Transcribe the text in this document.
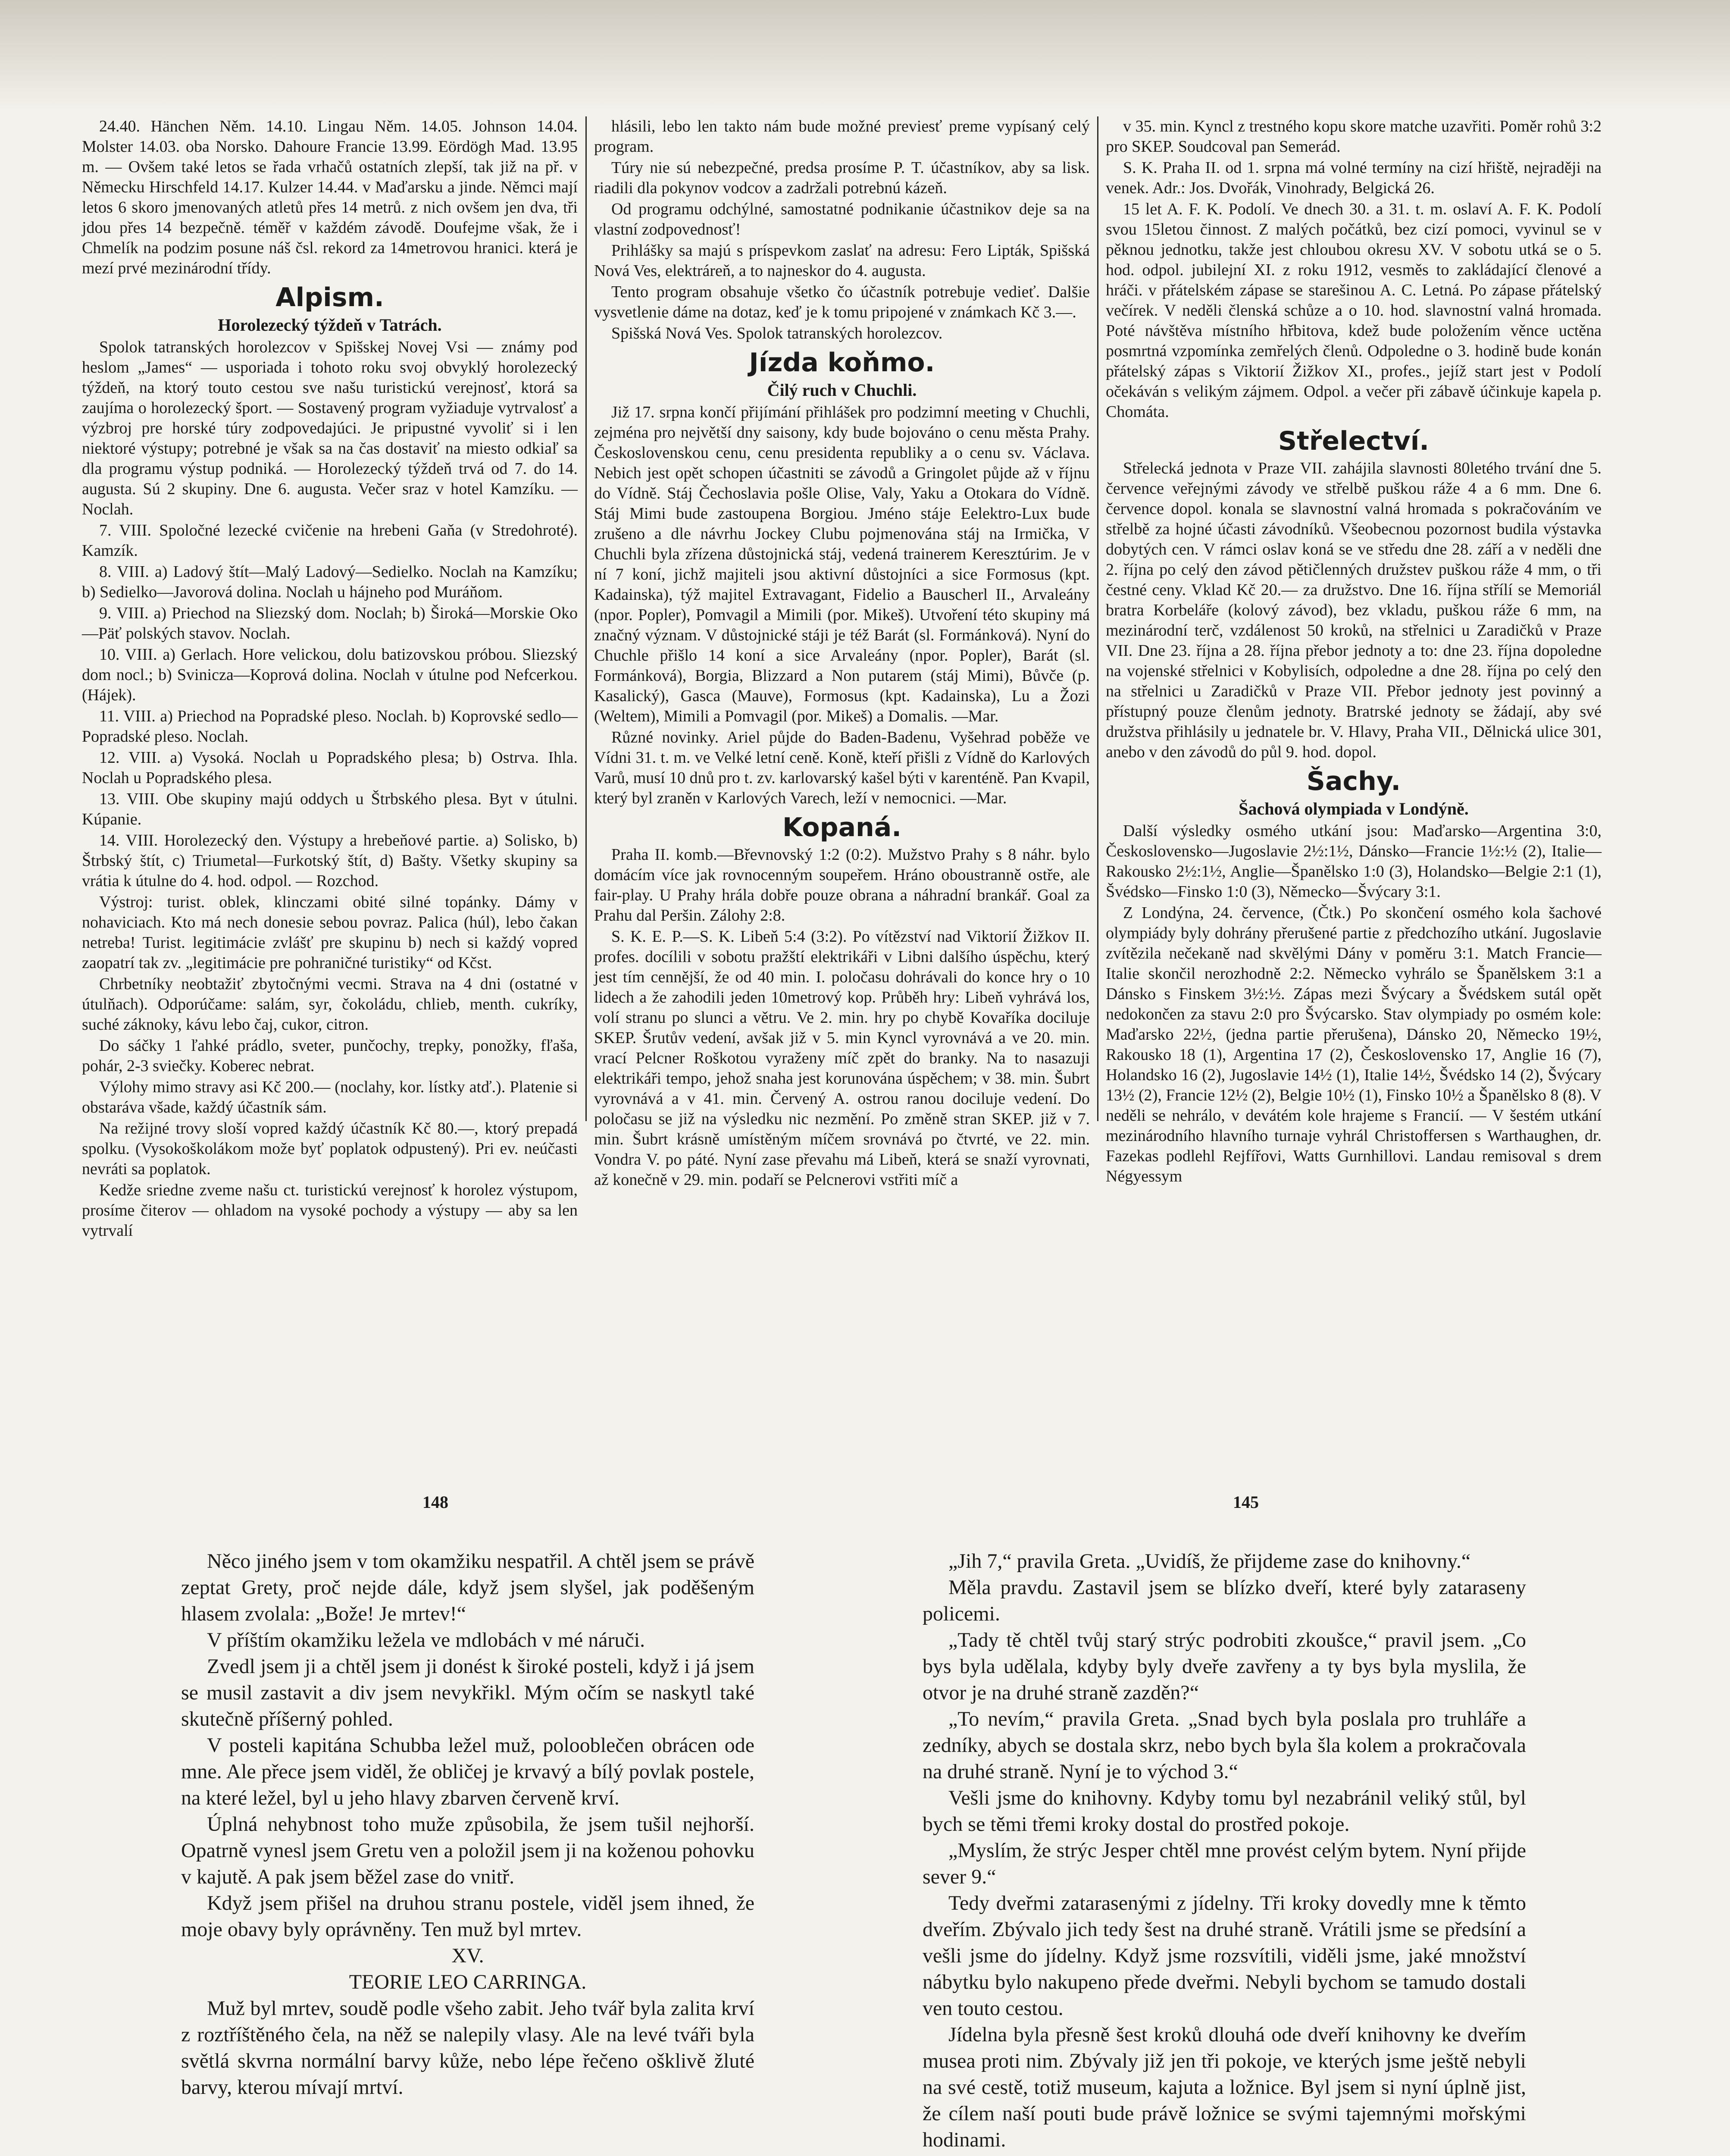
24.40. Hänchen Něm. 14.10. Lingau Něm. 14.05. Johnson 14.04. Molster 14.03. oba Norsko. Dahoure Francie 13.99. Eördögh Mad. 13.95 m. — Ovšem také letos se řada vrhačů ostatních zlepší, tak již na př. v Německu Hirschfeld 14.17. Kulzer 14.44. v Maďarsku a jinde. Němci mají letos 6 skoro jmenovaných atletů přes 14 metrů. z nich ovšem jen dva, tři jdou přes 14 bezpečně. téměř v každém závodě. Doufejme však, že i Chmelík na podzim posune náš čsl. rekord za 14metrovou hranici. která je mezí prvé mezinárodní třídy.

Alpism.
Horolezecký týždeň v Tatrách.

Spolok tatranských horolezcov v Spišskej Novej Vsi — známy pod heslom „James“ — usporiada i tohoto roku svoj obvyklý horolezecký týždeň, na ktorý touto cestou sve našu turistickú verejnosť, ktorá sa zaujíma o horolezecký šport. — Sostavený program vyžiaduje vytrvalosť a výzbroj pre horské túry zodpovedajúci. Je pripustné vyvoliť si i len niektoré výstupy; potrebné je však sa na čas dostaviť na miesto odkiaľ sa dla programu výstup podniká. — Horolezecký týždeň trvá od 7. do 14. augusta. Sú 2 skupiny. Dne 6. augusta. Večer sraz v hotel Kamzíku. — Noclah.

7. VIII. Spoločné lezecké cvičenie na hrebeni Gaňa (v Stredohroté). Kamzík.

8. VIII. a) Ladový štít—Malý Ladový—Sedielko. Noclah na Kamzíku; b) Sedielko—Javorová dolina. Noclah u hájneho pod Muráňom.

9. VIII. a) Priechod na Sliezský dom. Noclah; b) Široká—Morskie Oko—Päť polských stavov. Noclah.

10. VIII. a) Gerlach. Hore velickou, dolu batizovskou próbou. Sliezský dom nocl.; b) Svinicza—Koprová dolina. Noclah v útulne pod Nefcerkou. (Hájek).

11. VIII. a) Priechod na Popradské pleso. Noclah. b) Koprovské sedlo—Popradské pleso. Noclah.

12. VIII. a) Vysoká. Noclah u Popradského plesa; b) Ostrva. Ihla. Noclah u Popradského plesa.

13. VIII. Obe skupiny majú oddych u Štrbského plesa. Byt v útulni. Kúpanie.

14. VIII. Horolezecký den. Výstupy a hrebeňové partie. a) Solisko, b) Štrbský štít, c) Triumetal—Furkotský štít, d) Bašty. Všetky skupiny sa vrátia k útulne do 4. hod. odpol. — Rozchod.

Výstroj: turist. oblek, klinczami obité silné topánky. Dámy v nohaviciach. Kto má nech donesie sebou povraz. Palica (húl), lebo čakan netreba! Turist. legitimácie zvlášť pre skupinu b) nech si každý vopred zaopatrí tak zv. „legitimácie pre pohraničné turistiky“ od Kčst.

Chrbetníky neobtažiť zbytočnými vecmi. Strava na 4 dni (ostatné v útulňach). Odporúčame: salám, syr, čokoládu, chlieb, menth. cukríky, suché záknoky, kávu lebo čaj, cukor, citron.

Do sáčky 1 ľahké prádlo, sveter, punčochy, trepky, ponožky, fľaša, pohár, 2-3 sviečky. Koberec nebrat.

Výlohy mimo stravy asi Kč 200.— (noclahy, kor. lístky atď.). Platenie si obstaráva všade, každý účastník sám.

Na režijné trovy sloší vopred každý účastník Kč 80.—, ktorý prepadá spolku. (Vysokoškolákom može byť poplatok odpustený). Pri ev. neúčasti nevráti sa poplatok.

Kedže sriedne zveme našu ct. turistickú verejnosť k horolez výstupom, prosíme čiterov — ohladom na vysoké pochody a výstupy — aby sa len vytrvalí

hlásili, lebo len takto nám bude možné previesť preme vypísaný celý program.

Túry nie sú nebezpečné, predsa prosíme P. T. účastníkov, aby sa lisk. riadili dla pokynov vodcov a zadržali potrebnú kázeň.

Od programu odchýlné, samostatné podnikanie účastnikov deje sa na vlastní zodpovednosť!

Prihlášky sa majú s príspevkom zaslať na adresu: Fero Lipták, Spišská Nová Ves, elektráreň, a to najneskor do 4. augusta.

Tento program obsahuje všetko čo účastník potrebuje vedieť. Dalšie vysvetlenie dáme na dotaz, keď je k tomu pripojené v známkach Kč 3.—.

Spišská Nová Ves. Spolok tatranských horolezcov.

Jízda koňmo.
Čilý ruch v Chuchli.

Již 17. srpna končí přijímání přihlášek pro podzimní meeting v Chuchli, zejména pro největší dny saisony, kdy bude bojováno o cenu města Prahy. Československou cenu, cenu presidenta republiky a o cenu sv. Václava. Nebich jest opět schopen účastniti se závodů a Gringolet půjde až v říjnu do Vídně. Stáj Čechoslavia pošle Olise, Valy, Yaku a Otokara do Vídně. Stáj Mimi bude zastoupena Borgiou. Jméno stáje Eelektro-Lux bude zrušeno a dle návrhu Jockey Clubu pojmenována stáj na Irmička, V Chuchli byla zřízena důstojnická stáj, vedená trainerem Keresztúrim. Je v ní 7 koní, jichž majiteli jsou aktivní důstojníci a sice Formosus (kpt. Kadainska), týž majitel Extravagant, Fidelio a Bauscherl II., Arvaleány (npor. Popler), Pomvagil a Mimili (por. Mikeš). Utvoření této skupiny má značný význam. V důstojnické stáji je též Barát (sl. Formánková). Nyní do Chuchle přišlo 14 koní a sice Arvaleány (npor. Popler), Barát (sl. Formánková), Borgia, Blizzard a Non putarem (stáj Mimi), Bůvče (p. Kasalický), Gasca (Mauve), Formosus (kpt. Kadainska), Lu a Žozi (Weltem), Mimili a Pomvagil (por. Mikeš) a Domalis. —Mar.

Různé novinky. Ariel půjde do Baden-Badenu, Vyšehrad poběže ve Vídni 31. t. m. ve Velké letní ceně. Koně, kteří přišli z Vídně do Karlových Varů, musí 10 dnů pro t. zv. karlovarský kašel býti v karenténě. Pan Kvapil, který byl zraněn v Karlových Varech, leží v nemocnici. —Mar.

Kopaná.

Praha II. komb.—Břevnovský 1:2 (0:2). Mužstvo Prahy s 8 náhr. bylo domácím více jak rovnocenným soupeřem. Hráno oboustranně ostře, ale fair-play. U Prahy hrála dobře pouze obrana a náhradní brankář. Goal za Prahu dal Peršin. Zálohy 2:8.

S. K. E. P.—S. K. Libeň 5:4 (3:2). Po vítězství nad Viktorií Žižkov II. profes. docílili v sobotu pražští elektrikáři v Libni dalšího úspěchu, který jest tím cennější, že od 40 min. I. poločasu dohrávali do konce hry o 10 lidech a že zahodili jeden 10metrový kop. Průběh hry: Libeň vyhrává los, volí stranu po slunci a větru. Ve 2. min. hry po chybě Kovaříka dociluje SKEP. Šrutův vedení, avšak již v 5. min Kyncl vyrovnává a ve 20. min. vrací Pelcner Roškotou vyraženy míč zpět do branky. Na to nasazuji elektrikáři tempo, jehož snaha jest korunována úspěchem; v 38. min. Šubrt vyrovnává a v 41. min. Červený A. ostrou ranou dociluje vedení. Do poločasu se již na výsledku nic nezmění. Po změně stran SKEP. již v 7. min. Šubrt krásně umístěným míčem srovnává po čtvrté, ve 22. min. Vondra V. po páté. Nyní zase převahu má Libeň, která se snaží vyrovnati, až konečně v 29. min. podaří se Pelcnerovi vstřiti míč a

v 35. min. Kyncl z trestného kopu skore matche uzavřiti. Poměr rohů 3:2 pro SKEP. Soudcoval pan Semerád.

S. K. Praha II. od 1. srpna má volné termíny na cizí hřiště, nejraději na venek. Adr.: Jos. Dvořák, Vinohrady, Belgická 26.

15 let A. F. K. Podolí. Ve dnech 30. a 31. t. m. oslaví A. F. K. Podolí svou 15letou činnost. Z malých počátků, bez cizí pomoci, vyvinul se v pěknou jednotku, takže jest chloubou okresu XV. V sobotu utká se o 5. hod. odpol. jubilejní XI. z roku 1912, vesměs to zakládající členové a hráči. v přátelském zápase se starešinou A. C. Letná. Po zápase přátelský večírek. V neděli členská schůze a o 10. hod. slavnostní valná hromada. Poté návštěva místního hřbitova, kdež bude položením věnce uctěna posmrtná vzpomínka zemřelých členů. Odpoledne o 3. hodině bude konán přátelský zápas s Viktorií Žižkov XI., profes., jejíž start jest v Podolí očekáván s velikým zájmem. Odpol. a večer při zábavě účinkuje kapela p. Chomáta.

Střelectví.

Střelecká jednota v Praze VII. zahájila slavnosti 80letého trvání dne 5. července veřejnými závody ve střelbě puškou ráže 4 a 6 mm. Dne 6. července dopol. konala se slavnostní valná hromada s pokračováním ve střelbě za hojné účasti závodníků. Všeobecnou pozornost budila výstavka dobytých cen. V rámci oslav koná se ve středu dne 28. září a v neděli dne 2. října po celý den závod pětičlenných družstev puškou ráže 4 mm, o tři čestné ceny. Vklad Kč 20.— za družstvo. Dne 16. října střílí se Memoriál bratra Korbeláře (kolový závod), bez vkladu, puškou ráže 6 mm, na mezinárodní terč, vzdálenost 50 kroků, na střelnici u Zaradičků v Praze VII. Dne 23. října a 28. října přebor jednoty a to: dne 23. října dopoledne na vojenské střelnici v Kobylisích, odpoledne a dne 28. října po celý den na střelnici u Zaradičků v Praze VII. Přebor jednoty jest povinný a přístupný pouze členům jednoty. Bratrské jednoty se žádají, aby své družstva přihlásily u jednatele br. V. Hlavy, Praha VII., Dělnická ulice 301, anebo v den závodů do půl 9. hod. dopol.

Šachy.
Šachová olympiada v Londýně.

Další výsledky osmého utkání jsou: Maďarsko—Argentina 3:0, Československo—Jugoslavie 2½:1½, Dánsko—Francie 1½:½ (2), Italie—Rakousko 2½:1½, Anglie—Španělsko 1:0 (3), Holandsko—Belgie 2:1 (1), Švédsko—Finsko 1:0 (3), Německo—Švýcary 3:1.

Z Londýna, 24. července, (Čtk.) Po skončení osmého kola šachové olympiády byly dohrány přerušené partie z předchozího utkání. Jugoslavie zvítězila nečekaně nad skvělými Dány v poměru 3:1. Match Francie—Italie skončil nerozhodně 2:2. Německo vyhrálo se Španělskem 3:1 a Dánsko s Finskem 3½:½. Zápas mezi Švýcary a Švédskem sutál opět nedokončen za stavu 2:0 pro Švýcarsko. Stav olympiady po osmém kole: Maďarsko 22½, (jedna partie přerušena), Dánsko 20, Německo 19½, Rakousko 18 (1), Argentina 17 (2), Československo 17, Anglie 16 (7), Holandsko 16 (2), Jugoslavie 14½ (1), Italie 14½, Švédsko 14 (2), Švýcary 13½ (2), Francie 12½ (2), Belgie 10½ (1), Finsko 10½ a Španělsko 8 (8). V neděli se nehrálo, v devátém kole hrajeme s Francií. — V šestém utkání mezinárodního hlavního turnaje vyhrál Christoffersen s Warthaughen, dr. Fazekas podlehl Rejfířovi, Watts Gurnhillovi. Landau remisoval s drem Négyessym

148	145

Něco jiného jsem v tom okamžiku nespatřil. A chtěl jsem se právě zeptat Grety, proč nejde dále, když jsem slyšel, jak poděšeným hlasem zvolala: „Bože! Je mrtev!“

V příštím okamžiku ležela ve mdlobách v mé náruči.

Zvedl jsem ji a chtěl jsem ji donést k široké posteli, když i já jsem se musil zastavit a div jsem nevykřikl. Mým očím se naskytl také skutečně příšerný pohled.

V posteli kapitána Schubba ležel muž, polooblečen obrácen ode mne. Ale přece jsem viděl, že obličej je krvavý a bílý povlak postele, na které ležel, byl u jeho hlavy zbarven červeně krví.

Úplná nehybnost toho muže způsobila, že jsem tušil nejhorší. Opatrně vynesl jsem Gretu ven a položil jsem ji na koženou pohovku v kajutě. A pak jsem běžel zase do vnitř.

Když jsem přišel na druhou stranu postele, viděl jsem ihned, že moje obavy byly oprávněny. Ten muž byl mrtev.

XV.

TEORIE LEO CARRINGA.

Muž byl mrtev, soudě podle všeho zabit. Jeho tvář byla zalita krví z roztříštěného čela, na něž se nalepily vlasy. Ale na levé tváři byla světlá skvrna normální barvy kůže, nebo lépe řečeno ošklivě žluté barvy, kterou mívají mrtví.

„Jih 7,“ pravila Greta. „Uvidíš, že přijdeme zase do knihovny.“

Měla pravdu. Zastavil jsem se blízko dveří, které byly zataraseny policemi.

„Tady tě chtěl tvůj starý strýc podrobiti zkoušce,“ pravil jsem. „Co bys byla udělala, kdyby byly dveře zavřeny a ty bys byla myslila, že otvor je na druhé straně zazděn?“

„To nevím,“ pravila Greta. „Snad bych byla poslala pro truhláře a zedníky, abych se dostala skrz, nebo bych byla šla kolem a prokračovala na druhé straně. Nyní je to východ 3.“

Vešli jsme do knihovny. Kdyby tomu byl nezabránil veliký stůl, byl bych se těmi třemi kroky dostal do prostřed pokoje.

„Myslím, že strýc Jesper chtěl mne provést celým bytem. Nyní přijde sever 9.“

Tedy dveřmi zatarasenými z jídelny. Tři kroky dovedly mne k těmto dveřím. Zbývalo jich tedy šest na druhé straně. Vrátili jsme se předsíní a vešli jsme do jídelny. Když jsme rozsvítili, viděli jsme, jaké množství nábytku bylo nakupeno přede dveřmi. Nebyli bychom se tamudo dostali ven touto cestou.

Jídelna byla přesně šest kroků dlouhá ode dveří knihovny ke dveřím musea proti nim. Zbývaly již jen tři pokoje, ve kterých jsme ještě nebyli na své cestě, totiž museum, kajuta a ložnice. Byl jsem si nyní úplně jist, že cílem naší pouti bude právě ložnice se svými tajemnými mořskými hodinami.
